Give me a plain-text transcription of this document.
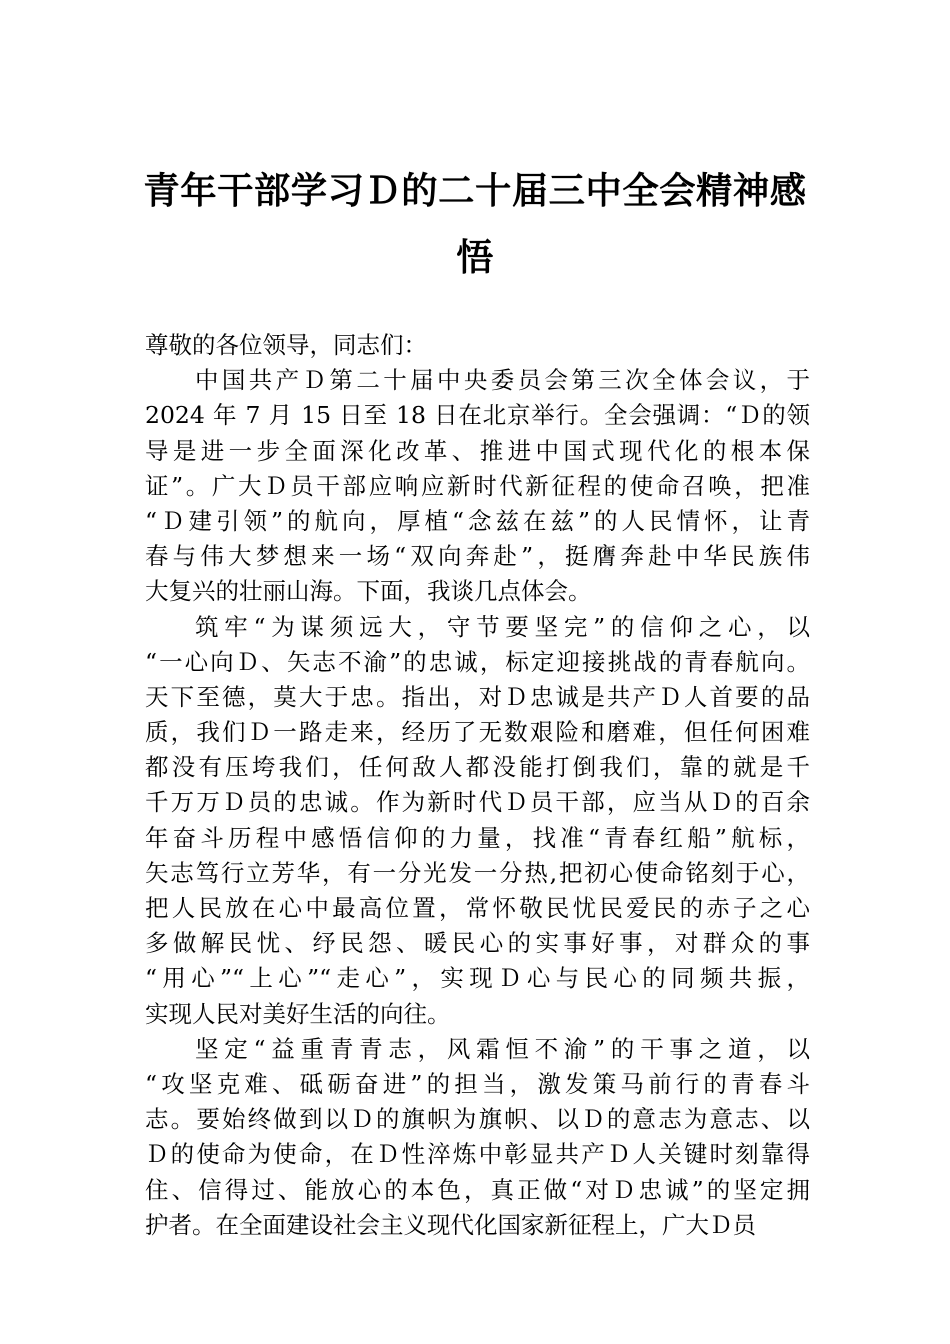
青年干部学习Ｄ的二十届三中全会精神感
悟
尊敬的各位领导，同志们：
中国共产Ｄ第二十届中央委员会第三次全体会议，于
2024 年 7 月 15 日至 18 日在北京举行。全会强调：“Ｄ的领
导是进一步全面深化改革、推进中国式现代化的根本保
证”。广大Ｄ员干部应响应新时代新征程的使命召唤，把准
“Ｄ建引领”的航向，厚植“念兹在兹”的人民情怀，让青
春与伟大梦想来一场“双向奔赴”，挺膺奔赴中华民族伟
大复兴的壮丽山海。下面，我谈几点体会。
筑牢“为谋须远大，守节要坚完”的信仰之心，以
“一心向Ｄ、矢志不渝”的忠诚，标定迎接挑战的青春航向。
天下至德，莫大于忠。指出，对Ｄ忠诚是共产Ｄ人首要的品
质，我们Ｄ一路走来，经历了无数艰险和磨难，但任何困难
都没有压垮我们，任何敌人都没能打倒我们，靠的就是千
千万万Ｄ员的忠诚。作为新时代Ｄ员干部，应当从Ｄ的百余
年奋斗历程中感悟信仰的力量，找准“青春红船”航标，
矢志笃行立芳华，有一分光发一分热,把初心使命铭刻于心，
把人民放在心中最高位置，常怀敬民忧民爱民的赤子之心
多做解民忧、纾民怨、暖民心的实事好事，对群众的事
“用心”“上心”“走心”，实现Ｄ心与民心的同频共振，
实现人民对美好生活的向往。
坚定“益重青青志，风霜恒不渝”的干事之道，以
“攻坚克难、砥砺奋进”的担当，激发策马前行的青春斗
志。要始终做到以Ｄ的旗帜为旗帜、以Ｄ的意志为意志、以
Ｄ的使命为使命，在Ｄ性淬炼中彰显共产Ｄ人关键时刻靠得
住、信得过、能放心的本色，真正做“对Ｄ忠诚”的坚定拥
护者。在全面建设社会主义现代化国家新征程上，广大Ｄ员
